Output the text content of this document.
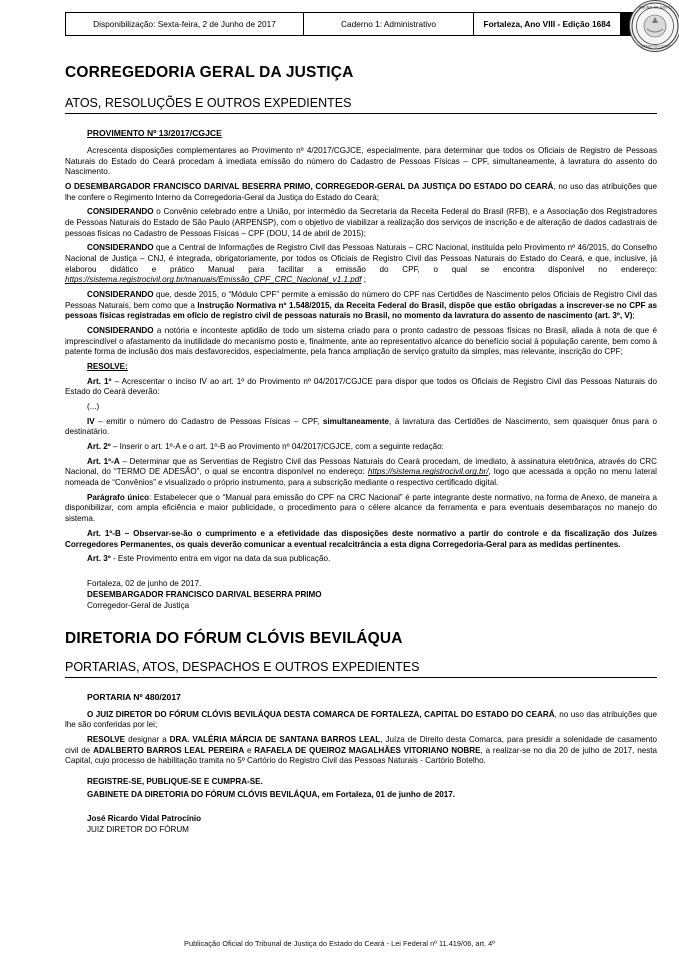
Disponibilização: Sexta-feira, 2 de Junho de 2017	Caderno 1: Administrativo	Fortaleza, Ano VIII - Edição 1684
TRIBUNAL DE JUSTIÇA
ESTADO DO CEARÁ
CORREGEDORIA GERAL DA JUSTIÇA
ATOS, RESOLUÇÕES E OUTROS EXPEDIENTES
PROVIMENTO Nº 13/2017/CGJCE

Acrescenta disposições complementares ao Provimento nº 4/2017/CGJCE, especialmente, para determinar que todos os Oficiais de Registro de Pessoas Naturais do Estado do Ceará procedam à imediata emissão do número do Cadastro de Pessoas Físicas – CPF, simultaneamente, à lavratura do assento do Nascimento.

O DESEMBARGADOR FRANCISCO DARIVAL BESERRA PRIMO, CORREGEDOR-GERAL DA JUSTIÇA DO ESTADO DO CEARÁ, no uso das atribuições que lhe confere o Regimento Interno da Corregedoria-Geral da Justiça do Estado do Ceará;

CONSIDERANDO o Convênio celebrado entre a União, por intermédio da Secretaria da Receita Federal do Brasil (RFB), e a Associação dos Registradores de Pessoas Naturais do Estado de São Paulo (ARPENSP), com o objetivo de viabilizar a realização dos serviços de inscrição e de alteração de dados cadastrais de pessoas físicas no Cadastro de Pessoas Físicas – CPF (DOU, 14 de abril de 2015);

CONSIDERANDO que a Central de Informações de Registro Civil das Pessoas Naturais – CRC Nacional, instituída pelo Provimento nº 46/2015, do Conselho Nacional de Justiça – CNJ, é integrada, obrigatoriamente, por todos os Oficiais de Registro Civil das Pessoas Naturais do Estado do Ceará, e que, inclusive, já elaborou didático e prático Manual para facilitar a emissão do CPF, o qual se encontra disponível no endereço: https://sistema.registrocivil.org.br/manuais/Emissão_CPF_CRC_Nacional_v1.1.pdf ;

CONSIDERANDO que, desde 2015, o “Módulo CPF” permite a emissão do número do CPF nas Certidões de Nascimento pelos Oficiais de Registro Civil das Pessoas Naturais, bem como que a Instrução Normativa nº 1.548/2015, da Receita Federal do Brasil, dispõe que estão obrigadas a inscrever-se no CPF as pessoas físicas registradas em ofício de registro civil de pessoas naturais no Brasil, no momento da lavratura do assento de nascimento (art. 3º, V);

CONSIDERANDO a notória e inconteste aptidão de todo um sistema criado para o pronto cadastro de pessoas físicas no Brasil, aliada à nota de que é imprescindível o afastamento da inutilidade do mecanismo posto e, finalmente, ante ao representativo alcance do benefício social à população carente, bem como à patente forma de inclusão dos mais desfavorecidos, especialmente, pela franca ampliação de serviço gratuito da simples, mas relevante, inscrição do CPF;

RESOLVE:

Art. 1º – Acrescentar o inciso IV ao art. 1º do Provimento nº 04/2017/CGJCE para dispor que todos os Oficiais de Registro Civil das Pessoas Naturais do Estado do Ceará deverão:

(...)

IV – emitir o número do Cadastro de Pessoas Físicas – CPF, simultaneamente, à lavratura das Certidões de Nascimento, sem quaisquer ônus para o destinatário.

Art. 2º – Inserir o art. 1º-A e o art. 1º-B ao Provimento nº 04/2017/CGJCE, com a seguinte redação:

Art. 1º-A – Determinar que as Serventias de Registro Civil das Pessoas Naturais do Ceará procedam, de imediato, à assinatura eletrônica, através do CRC Nacional, do “TERMO DE ADESÃO”, o qual se encontra disponível no endereço: https://sistema.registrocivil.org.br/, logo que acessada a opção no menu lateral nomeada de “Convênios” e visualizado o próprio instrumento, para a subscrição mediante o respectivo certificado digital.

Parágrafo único: Estabelecer que o “Manual para emissão do CPF na CRC Nacional” é parte integrante deste normativo, na forma de Anexo, de maneira a disponibilizar, com ampla eficiência e maior publicidade, o procedimento para o célere alcance da ferramenta e para eventuais desembaraços no manejo do sistema.

Art. 1º-B – Observar-se-ão o cumprimento e a efetividade das disposições deste normativo a partir do controle e da fiscalização dos Juízes Corregedores Permanentes, os quais deverão comunicar a eventual recalcitrância a esta digna Corregedoria-Geral para as medidas pertinentes.

Art. 3º - Este Provimento entra em vigor na data da sua publicação.

Fortaleza, 02 de junho de 2017.
DESEMBARGADOR FRANCISCO DARIVAL BESERRA PRIMO
Corregedor-Geral de Justiça
DIRETORIA DO FÓRUM CLÓVIS BEVILÁQUA
PORTARIAS, ATOS, DESPACHOS E OUTROS EXPEDIENTES
PORTARIA Nº 480/2017

O JUIZ DIRETOR DO FÓRUM CLÓVIS BEVILÁQUA DESTA COMARCA DE FORTALEZA, CAPITAL DO ESTADO DO CEARÁ, no uso das atribuições que lhe são conferidas por lei;

RESOLVE designar a DRA. VALÉRIA MÁRCIA DE SANTANA BARROS LEAL, Juíza de Direito desta Comarca, para presidir a solenidade de casamento civil de ADALBERTO BARROS LEAL PEREIRA e RAFAELA DE QUEIROZ MAGALHÃES VITORIANO NOBRE, a realizar-se no dia 20 de julho de 2017, nesta Capital, cujo processo de habilitação tramita no 5º Cartório do Registro Civil das Pessoas Naturais - Cartório Botelho.

REGISTRE-SE, PUBLIQUE-SE E CUMPRA-SE.

GABINETE DA DIRETORIA DO FÓRUM CLÓVIS BEVILÁQUA, em Fortaleza, 01 de junho de 2017.

José Ricardo Vidal Patrocínio
JUIZ DIRETOR DO FÓRUM
Publicação Oficial do Tribunal de Justiça do Estado do Ceará - Lei Federal nº 11.419/06, art. 4º
